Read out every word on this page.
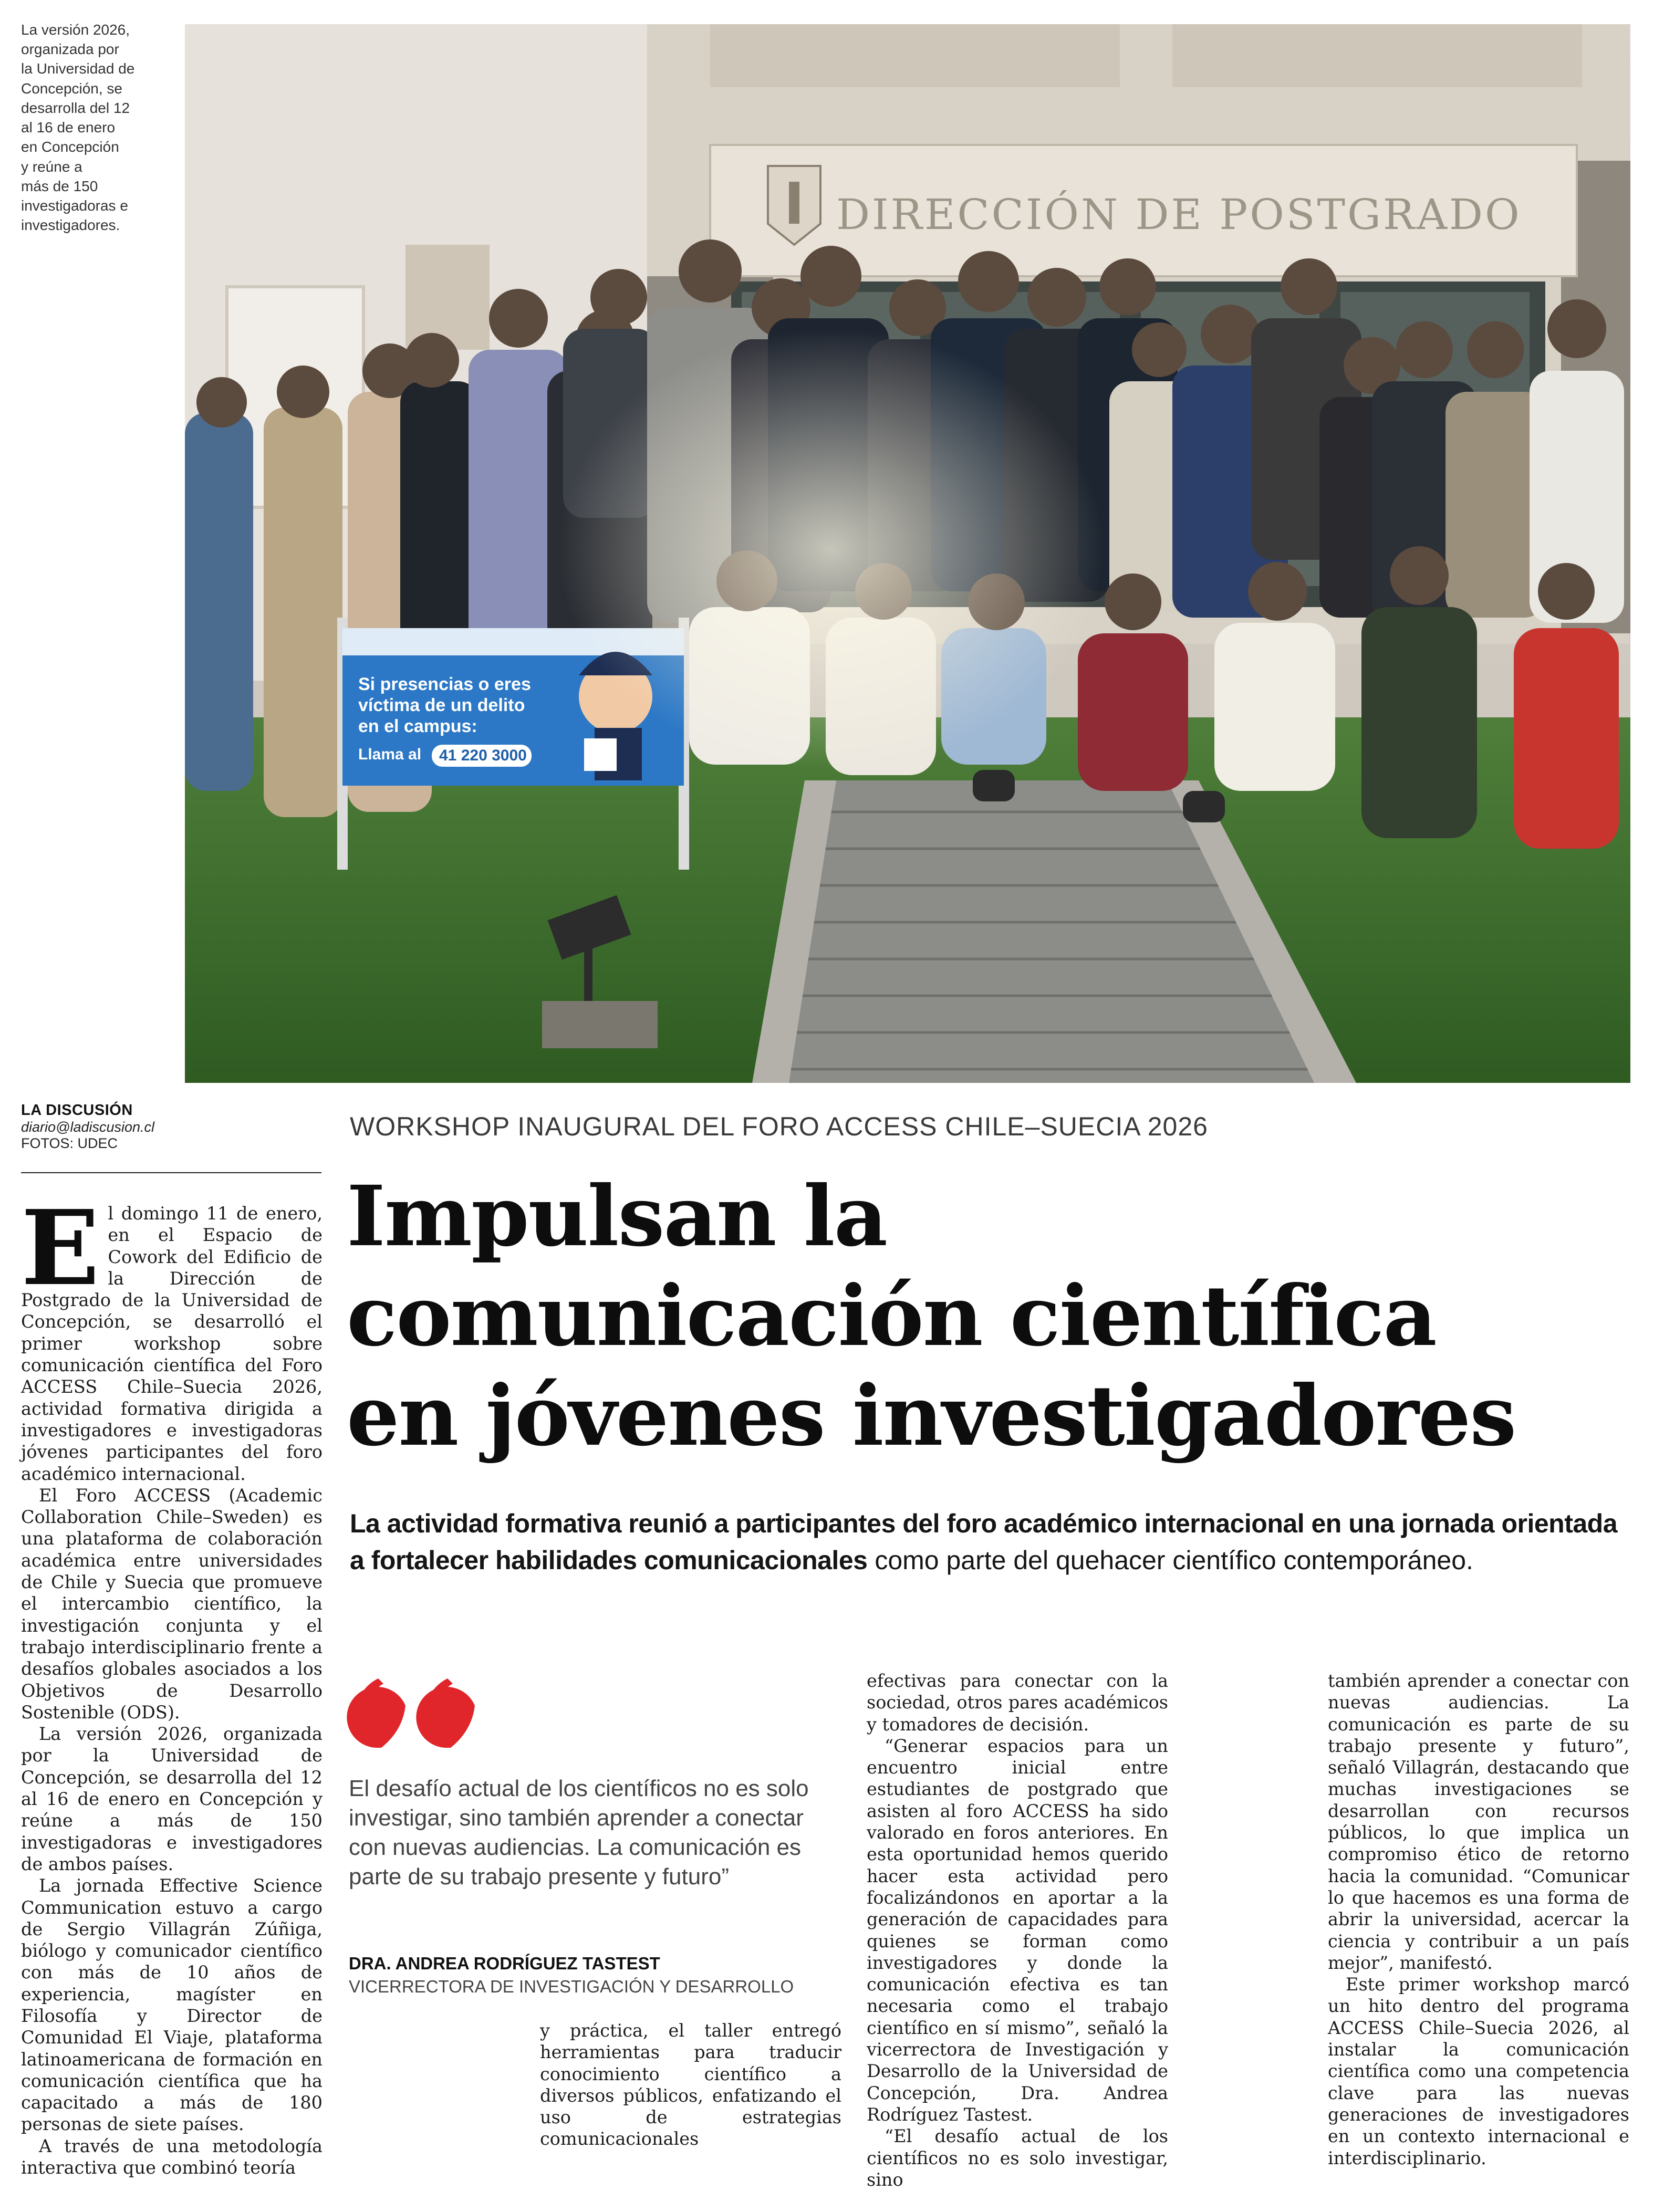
DIRECCIÓN DE POSTGRADO
Si presencias o eres
víctima de un delito
en el campus:
Llama al 41 220 3000
La versión 2026,
organizada por
la Universidad de
Concepción, se
desarrolla del 12
al 16 de enero
en Concepción
y reúne a
más de 150
investigadoras e
investigadores.
LA DISCUSIÓN
diario@ladiscusion.cl
FOTOS: UDEC
WORKSHOP INAUGURAL DEL FORO ACCESS CHILE–SUECIA 2026
Impulsan la
comunicación científica
en jóvenes investigadores
La actividad formativa reunió a participantes del foro académico internacional en una jornada orientada a fortalecer habilidades comunicacionales como parte del quehacer científico contemporáneo.

El domingo 11 de enero, en el Espacio de Cowork del Edificio de la Dirección de Postgrado de la Universidad de Concepción, se desarrolló el primer workshop sobre comunicación científica del Foro ACCESS Chile–Suecia 2026, actividad formativa dirigida a investigadores e investigadoras jóvenes participantes del foro académico internacional.

El Foro ACCESS (Academic Collaboration Chile–Sweden) es una plataforma de colaboración académica entre universidades de Chile y Suecia que promueve el intercambio científico, la investigación conjunta y el trabajo interdisciplinario frente a desafíos globales asociados a los Objetivos de Desarrollo Sostenible (ODS).

La versión 2026, organizada por la Universidad de Concepción, se desarrolla del 12 al 16 de enero en Concepción y reúne a más de 150 investigadoras e investigadores de ambos países.

La jornada Effective Science Communication estuvo a cargo de Sergio Villagrán Zúñiga, biólogo y comunicador científico con más de 10 años de experiencia, magíster en Filosofía y Director de Comunidad El Viaje, plataforma latinoamericana de formación en comunicación científica que ha capacitado a más de 180 personas de siete países.

A través de una metodología interactiva que combinó teoría

El desafío actual de los científicos no es solo investigar, sino también aprender a conectar con nuevas audiencias. La comunicación es parte de su trabajo presente y futuro”
DRA. ANDREA RODRÍGUEZ TASTEST
VICERRECTORA DE INVESTIGACIÓN Y DESARROLLO

y práctica, el taller entregó herramientas para traducir conocimiento científico a diversos públicos, enfatizando el uso de estrategias comunicacionales

efectivas para conectar con la sociedad, otros pares académicos y tomadores de decisión.

“Generar espacios para un encuentro inicial entre estudiantes de postgrado que asisten al foro ACCESS ha sido valorado en foros anteriores. En esta oportunidad hemos querido hacer esta actividad pero focalizándonos en aportar a la generación de capacidades para quienes se forman como investigadores y donde la comunicación efectiva es tan necesaria como el trabajo científico en sí mismo”, señaló la vicerrectora de Investigación y Desarrollo de la Universidad de Concepción, Dra. Andrea Rodríguez Tastest.

“El desafío actual de los científicos no es solo investigar, sino

también aprender a conectar con nuevas audiencias. La comunicación es parte de su trabajo presente y futuro”, señaló Villagrán, destacando que muchas investigaciones se desarrollan con recursos públicos, lo que implica un compromiso ético de retorno hacia la comunidad. “Comunicar lo que hacemos es una forma de abrir la universidad, acercar la ciencia y contribuir a un país mejor”, manifestó.

Este primer workshop marcó un hito dentro del programa ACCESS Chile–Suecia 2026, al instalar la comunicación científica como una competencia clave para las nuevas generaciones de investigadores en un contexto internacional e interdisciplinario.
